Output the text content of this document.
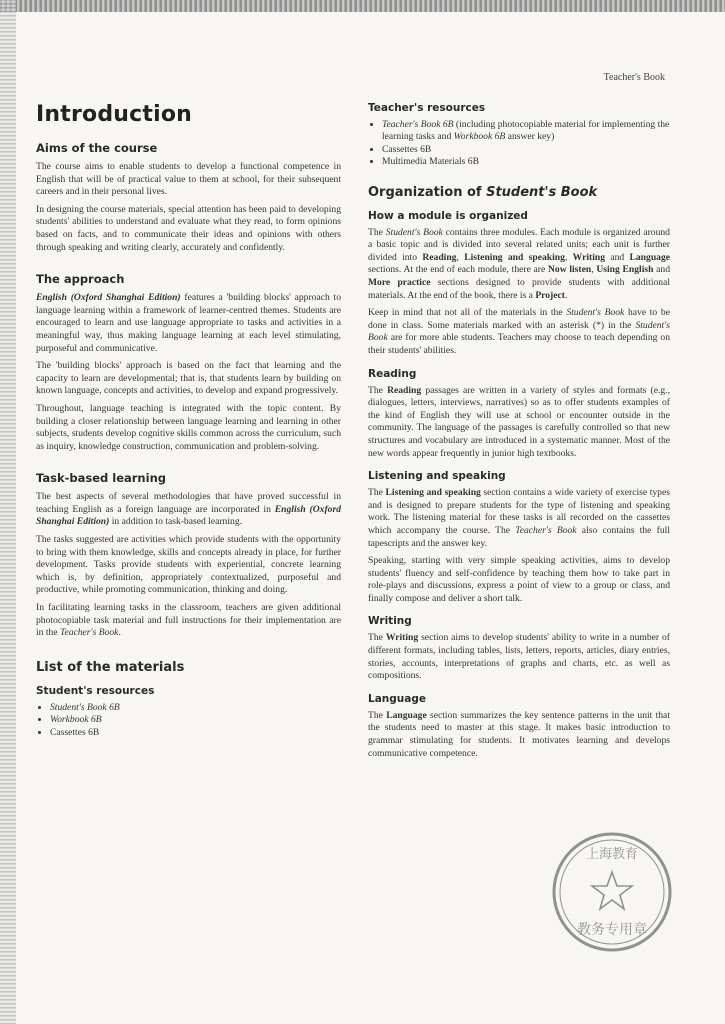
Teacher's Book
Introduction
Aims of the course

The course aims to enable students to develop a functional competence in English that will be of practical value to them at school, for their subsequent careers and in their personal lives.

In designing the course materials, special attention has been paid to developing students' abilities to understand and evaluate what they read, to form opinions based on facts, and to communicate their ideas and opinions with others through speaking and writing clearly, accurately and confidently.

The approach

English (Oxford Shanghai Edition) features a 'building blocks' approach to language learning within a framework of learner-centred themes. Students are encouraged to learn and use language appropriate to tasks and activities in a meaningful way, thus making language learning at each level stimulating, purposeful and communicative.

The 'building blocks' approach is based on the fact that learning and the capacity to learn are developmental; that is, that students learn by building on known language, concepts and activities, to develop and expand progressively.

Throughout, language teaching is integrated with the topic content. By building a closer relationship between language learning and learning in other subjects, students develop cognitive skills common across the curriculum, such as inquiry, knowledge construction, communication and problem-solving.

Task-based learning

The best aspects of several methodologies that have proved successful in teaching English as a foreign language are incorporated in English (Oxford Shanghai Edition) in addition to task-based learning.

The tasks suggested are activities which provide students with the opportunity to bring with them knowledge, skills and concepts already in place, for further development. Tasks provide students with experiential, concrete learning which is, by definition, appropriately contextualized, purposeful and productive, while promoting communication, thinking and doing.

In facilitating learning tasks in the classroom, teachers are given additional photocopiable task material and full instructions for their implementation are in the Teacher's Book.

List of the materials
Student's resources
• Student's Book 6B
• Workbook 6B
• Cassettes 6B
Teacher's resources
• Teacher's Book 6B (including photocopiable material for implementing the learning tasks and Workbook 6B answer key)
• Cassettes 6B
• Multimedia Materials 6B
Organization of Student's Book
How a module is organized

The Student's Book contains three modules. Each module is organized around a basic topic and is divided into several related units; each unit is further divided into Reading, Listening and speaking, Writing and Language sections. At the end of each module, there are Now listen, Using English and More practice sections designed to provide students with additional materials. At the end of the book, there is a Project.

Keep in mind that not all of the materials in the Student's Book have to be done in class. Some materials marked with an asterisk (*) in the Student's Book are for more able students. Teachers may choose to teach depending on their students' abilities.

Reading

The Reading passages are written in a variety of styles and formats (e.g., dialogues, letters, interviews, narratives) so as to offer students examples of the kind of English they will use at school or encounter outside in the community. The language of the passages is carefully controlled so that new structures and vocabulary are introduced in a systematic manner. Most of the new words appear frequently in junior high textbooks.

Listening and speaking

The Listening and speaking section contains a wide variety of exercise types and is designed to prepare students for the type of listening and speaking work. The listening material for these tasks is all recorded on the cassettes which accompany the course. The Teacher's Book also contains the full tapescripts and the answer key.

Speaking, starting with very simple speaking activities, aims to develop students' fluency and self-confidence by teaching them how to take part in role-plays and discussions, express a point of view to a group or class, and finally compose and deliver a short talk.

Writing

The Writing section aims to develop students' ability to write in a number of different formats, including tables, lists, letters, reports, articles, diary entries, stories, accounts, interpretations of graphs and charts, etc. as well as compositions.

Language

The Language section summarizes the key sentence patterns in the unit that the students need to master at this stage. It makes basic introduction to grammar stimulating for students. It motivates learning and develops communicative competence.

教务专用章
上海教育
